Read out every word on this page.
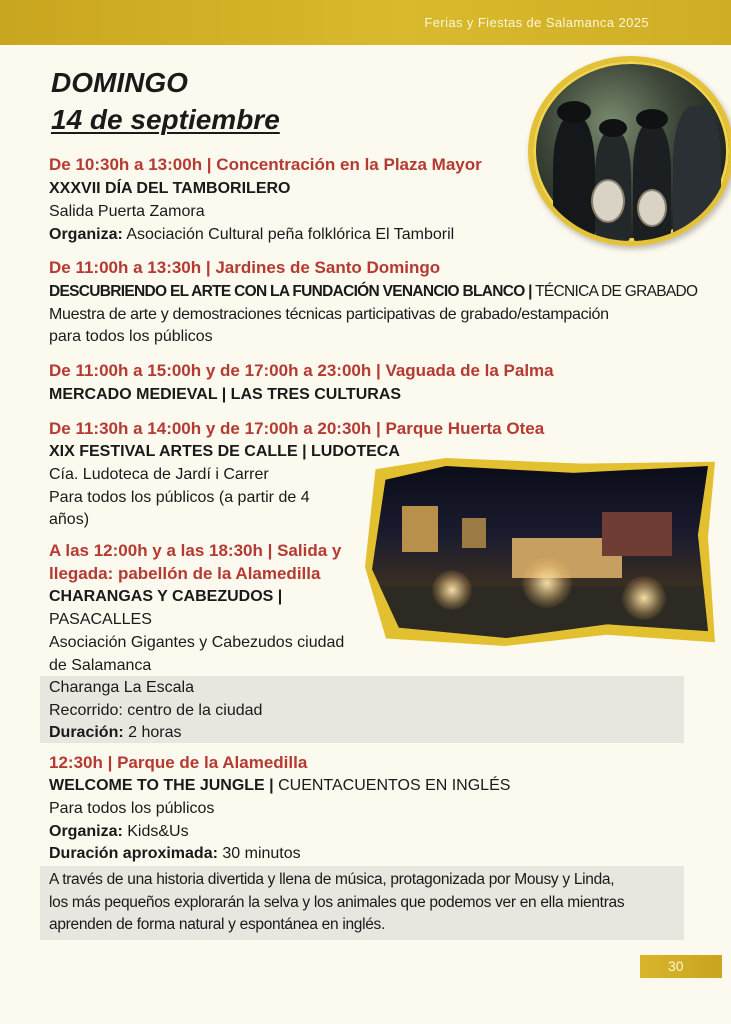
Ferias y Fiestas de Salamanca 2025
DOMINGO
14 de septiembre
De 10:30h a 13:00h | Concentración en la Plaza Mayor
XXXVII DÍA DEL TAMBORILERO
Salida Puerta Zamora
Organiza: Asociación Cultural peña folklórica El Tamboril
De 11:00h a 13:30h | Jardines de Santo Domingo
DESCUBRIENDO EL ARTE CON LA FUNDACIÓN VENANCIO BLANCO | TÉCNICA DE GRABADO
Muestra de arte y demostraciones técnicas participativas de grabado/estampación
para todos los públicos
De 11:00h a 15:00h y de 17:00h a 23:00h | Vaguada de la Palma
MERCADO MEDIEVAL | LAS TRES CULTURAS
De 11:30h a 14:00h y de 17:00h a 20:30h | Parque Huerta Otea
XIX FESTIVAL ARTES DE CALLE | LUDOTECA
Cía. Ludoteca de Jardí i Carrer
Para todos los públicos (a partir de 4
años)
A las 12:00h y a las 18:30h | Salida y
llegada: pabellón de la Alamedilla
CHARANGAS Y CABEZUDOS |
PASACALLES
Asociación Gigantes y Cabezudos ciudad
de Salamanca
Charanga La Escala
Recorrido: centro de la ciudad
Duración: 2 horas
12:30h | Parque de la Alamedilla
WELCOME TO THE JUNGLE | CUENTACUENTOS EN INGLÉS
Para todos los públicos
Organiza: Kids&Us
Duración aproximada: 30 minutos
A través de una historia divertida y llena de música, protagonizada por Mousy y Linda,
los más pequeños explorarán la selva y los animales que podemos ver en ella mientras
aprenden de forma natural y espontánea en inglés.
30
